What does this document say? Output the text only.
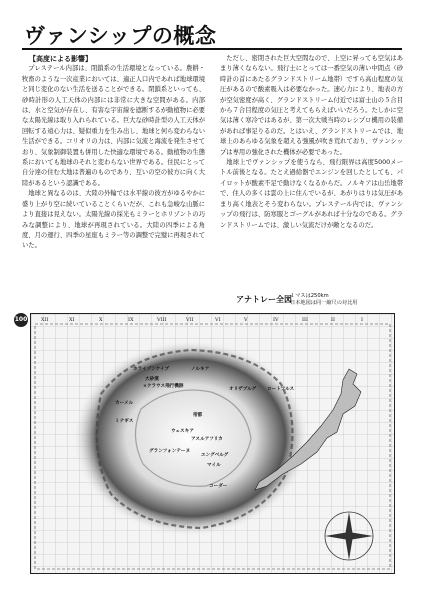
ヴァンシップの概念

【高度による影響】

プレステール内部は、閉鎖系の生活環境となっている。農耕・牧畜のような一次産業においては、適正人口内であれば地球環境と同じ変化のない生活を送ることができる。閉鎖系といっても、砂時計形の人工天体の内部には非常に大きな空間がある。内部は、水と空気が存在し、有害な宇宙線を遮断するが動植物に必要な太陽光線は取り入れられている。巨大な砂時計型の人工天体が回転する遠心力は、疑似重力を生み出し、地球と何ら変わらない生活ができる。コリオリの力は、内部に気流と海流を発生させており、気象制御装置も併用した快適な環境である。動植物の生態系においても地球のそれと変わらない世界である。住民にとって自分達の住む大地は普遍のものであり、互いの空の彼方に向く大陸があるという認識である。

地球と異なるのは、大陸の外輪では水平線の彼方がゆるやかに盛り上がり空に続いていることくらいだが、これも急峻な山脈により直接は見えない。太陽光線の採光もミラーとホリゾントの巧みな調整により、地球が再現されている。大陸の四季による角度、月の運行、四季の星座もミラー等の調整で完璧に再現されていた。

ただし、密閉された巨大空間なので、上空に昇っても空気はあまり薄くならない。飛行士にとっては一番空気の薄い中間点（砂時計の首にあたるグランドストリーム地帯）ですら高山程度の気圧があるので酸素吸入は必要なかった。速心力により、地表の方が空気密度が高く、グランドストリーム付近では富士山の５合目から７合目程度の気圧と考えてもらえばいいだろう。たしかに空気は薄く寒冷ではあるが、第一次大戦当時のレシプロ機用の装備があれば事足りるのだ。とはいえ、グランドストリームでは、地球上のあらゆる気象を超える強風が吹き荒れており、ヴァンシップは専用の強化された機体が必要であった。

地球上でヴァンシップを使うなら、飛行限界は高度5000メートル前後となる。たとえ過給器でエンジンを回したとしても、パイロットが酸素不足で動けなくなるからだ。ノルキアは山岳地帯で、住人の多くは雲の上に住んでいるが、あがりはりは気圧があまり高く地表とそう変わらない。プレステール内では、ヴァンシップの飛行は、防寒服とゴーグルがあれば十分なのである。グランドストリームでは、激しい気流だけが敵となるのだ。

アナトレー全図
１マスは250km
日本地図は同一縮尺の対比用
100	XII	XI	X	IX	VIII	VII	VI	V	IV	III	II	I
ホライゾンケイブ	ノルキア
大砂漠
×クラウス飛行機跡
オリザブルグ ロートフルス
カーメル
帝都
ミナギス
ウェスキア
アスルアフリカ
グランフォンテーヌ
エングベルグ
マイル
コーダー
